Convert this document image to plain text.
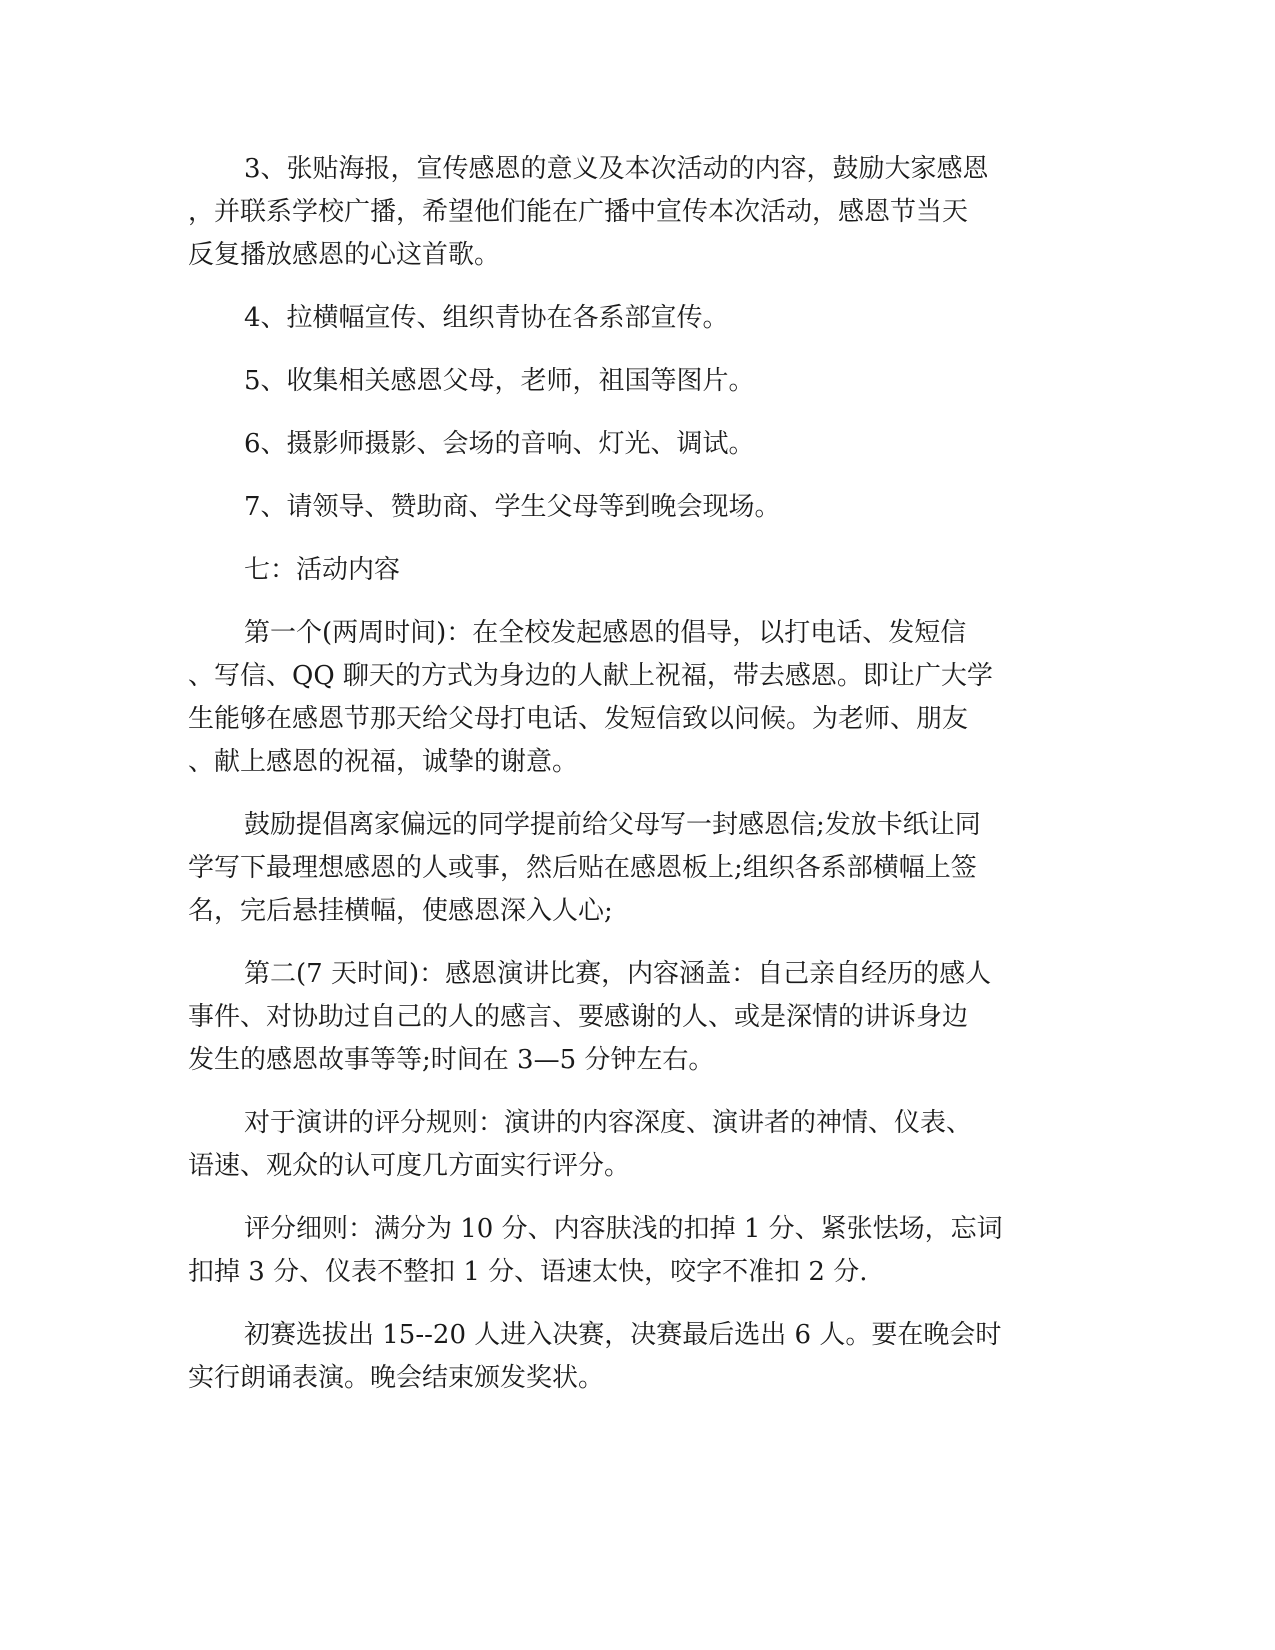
3、张贴海报，宣传感恩的意义及本次活动的内容，鼓励大家感恩
，并联系学校广播，希望他们能在广播中宣传本次活动，感恩节当天
反复播放感恩的心这首歌。

4、拉横幅宣传、组织青协在各系部宣传。

5、收集相关感恩父母，老师，祖国等图片。

6、摄影师摄影、会场的音响、灯光、调试。

7、请领导、赞助商、学生父母等到晚会现场。

七：活动内容

第一个(两周时间)：在全校发起感恩的倡导，以打电话、发短信
、写信、QQ 聊天的方式为身边的人献上祝福，带去感恩。即让广大学
生能够在感恩节那天给父母打电话、发短信致以问候。为老师、朋友
、献上感恩的祝福，诚挚的谢意。

鼓励提倡离家偏远的同学提前给父母写一封感恩信;发放卡纸让同
学写下最理想感恩的人或事，然后贴在感恩板上;组织各系部横幅上签
名，完后悬挂横幅，使感恩深入人心;

第二(7 天时间)：感恩演讲比赛，内容涵盖：自己亲自经历的感人
事件、对协助过自己的人的感言、要感谢的人、或是深情的讲诉身边
发生的感恩故事等等;时间在 3—5 分钟左右。

对于演讲的评分规则：演讲的内容深度、演讲者的神情、仪表、
语速、观众的认可度几方面实行评分。

评分细则：满分为 10 分、内容肤浅的扣掉 1 分、紧张怯场，忘词
扣掉 3 分、仪表不整扣 1 分、语速太快，咬字不准扣 2 分.

初赛选拔出 15--20 人进入决赛，决赛最后选出 6 人。要在晚会时
实行朗诵表演。晚会结束颁发奖状。
